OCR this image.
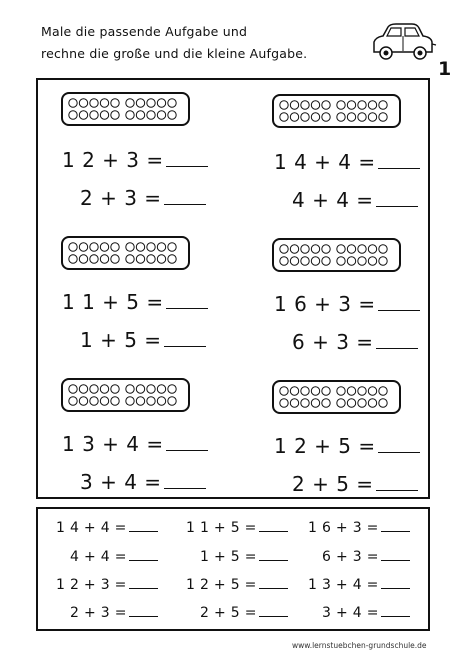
Male die passende Aufgabe und
rechne die große und die kleine Aufgabe.
1
1 2 + 3 =
2 + 3 =
1 1 + 5 =
1 + 5 =
1 3 + 4 =
3 + 4 =
1 4 + 4 =
4 + 4 =
1 6 + 3 =
6 + 3 =
1 2 + 5 =
2 + 5 =
1 4 + 4 =	1 1 + 5 =	1 6 + 3 =
4 + 4 =	1 + 5 =	6 + 3 =
1 2 + 3 =	1 2 + 5 =	1 3 + 4 =
2 + 3 =	2 + 5 =	3 + 4 =
www.lernstuebchen-grundschule.de
